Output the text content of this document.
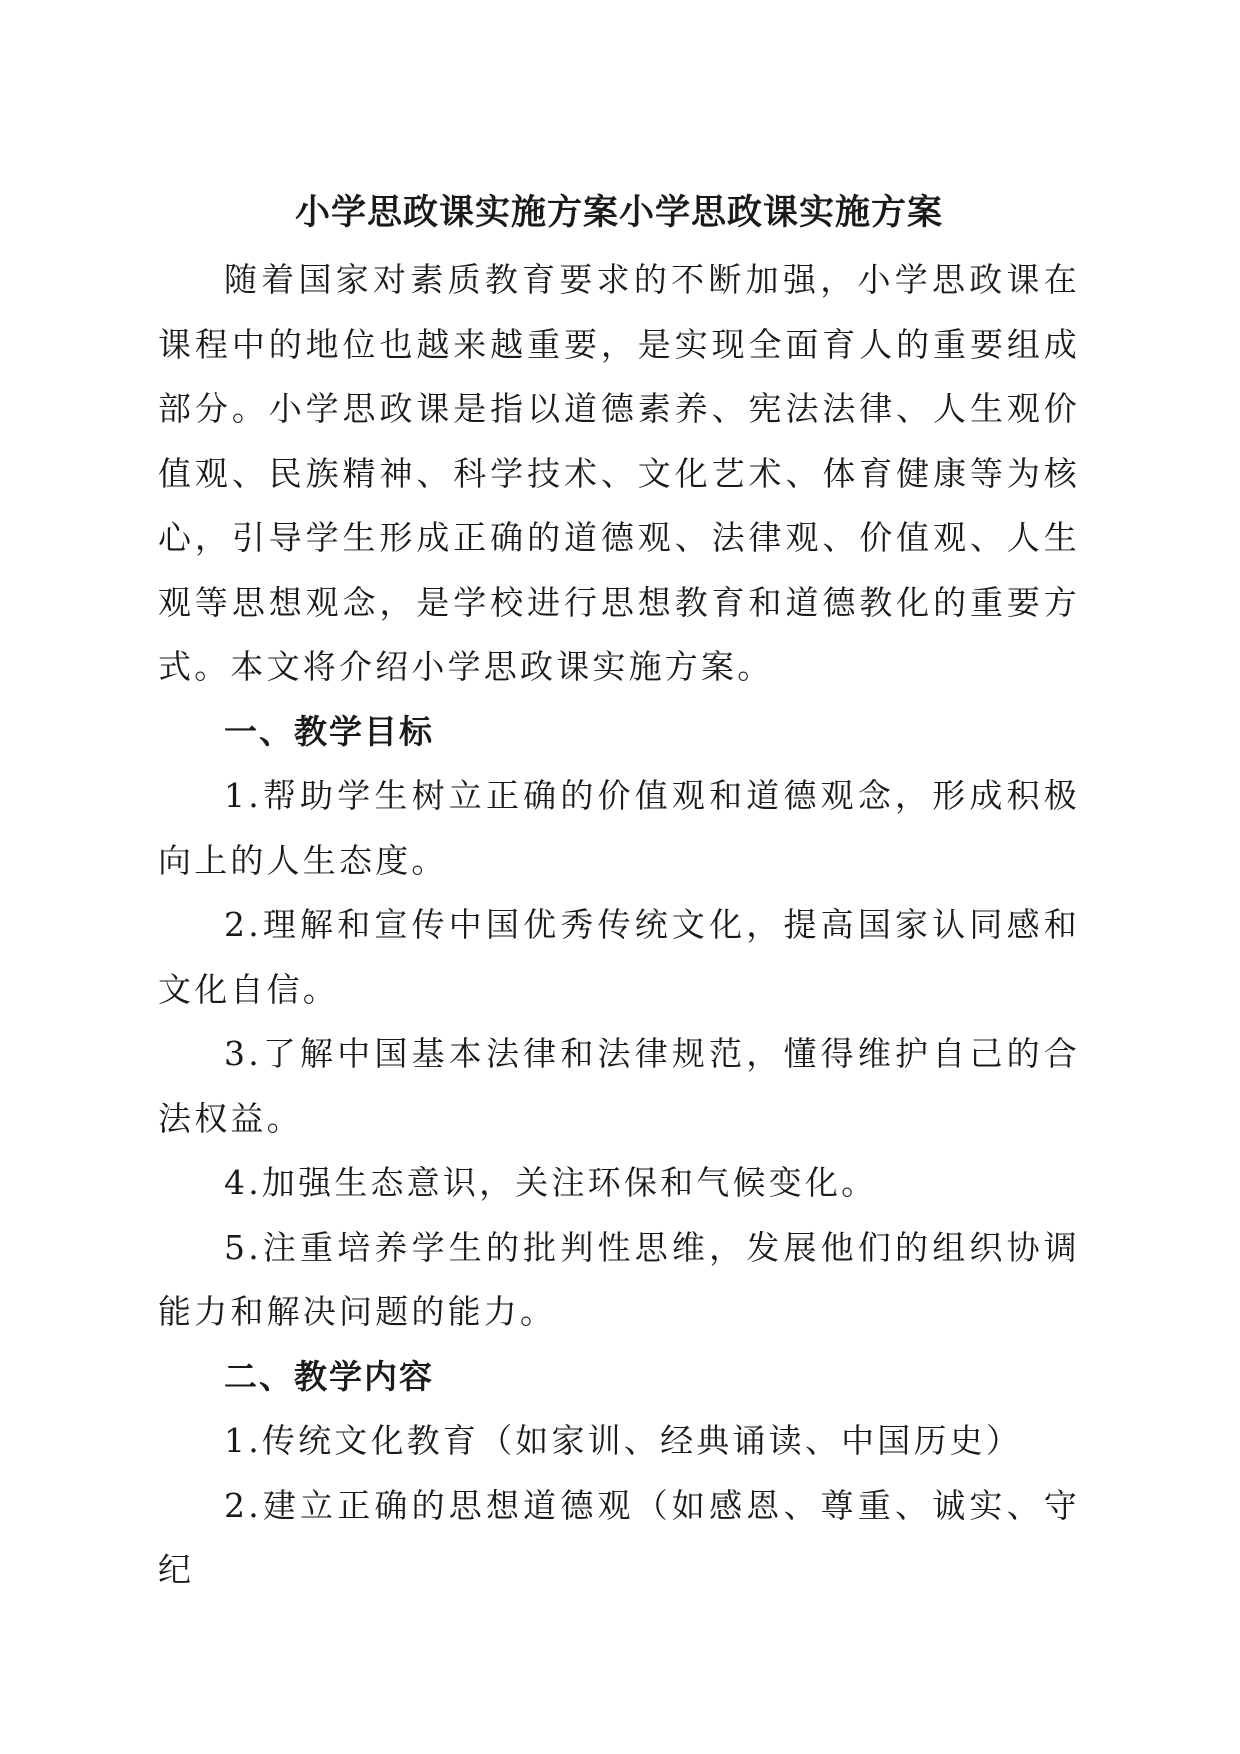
小学思政课实施方案小学思政课实施方案

随着国家对素质教育要求的不断加强，小学思政课在课程中的地位也越来越重要，是实现全面育人的重要组成部分。小学思政课是指以道德素养、宪法法律、人生观价值观、民族精神、科学技术、文化艺术、体育健康等为核心，引导学生形成正确的道德观、法律观、价值观、人生观等思想观念，是学校进行思想教育和道德教化的重要方式。本文将介绍小学思政课实施方案。

一、教学目标

1.帮助学生树立正确的价值观和道德观念，形成积极向上的人生态度。

2.理解和宣传中国优秀传统文化，提高国家认同感和文化自信。

3.了解中国基本法律和法律规范，懂得维护自己的合法权益。

4.加强生态意识，关注环保和气候变化。

5.注重培养学生的批判性思维，发展他们的组织协调能力和解决问题的能力。

二、教学内容

1.传统文化教育（如家训、经典诵读、中国历史）

2.建立正确的思想道德观（如感恩、尊重、诚实、守纪
